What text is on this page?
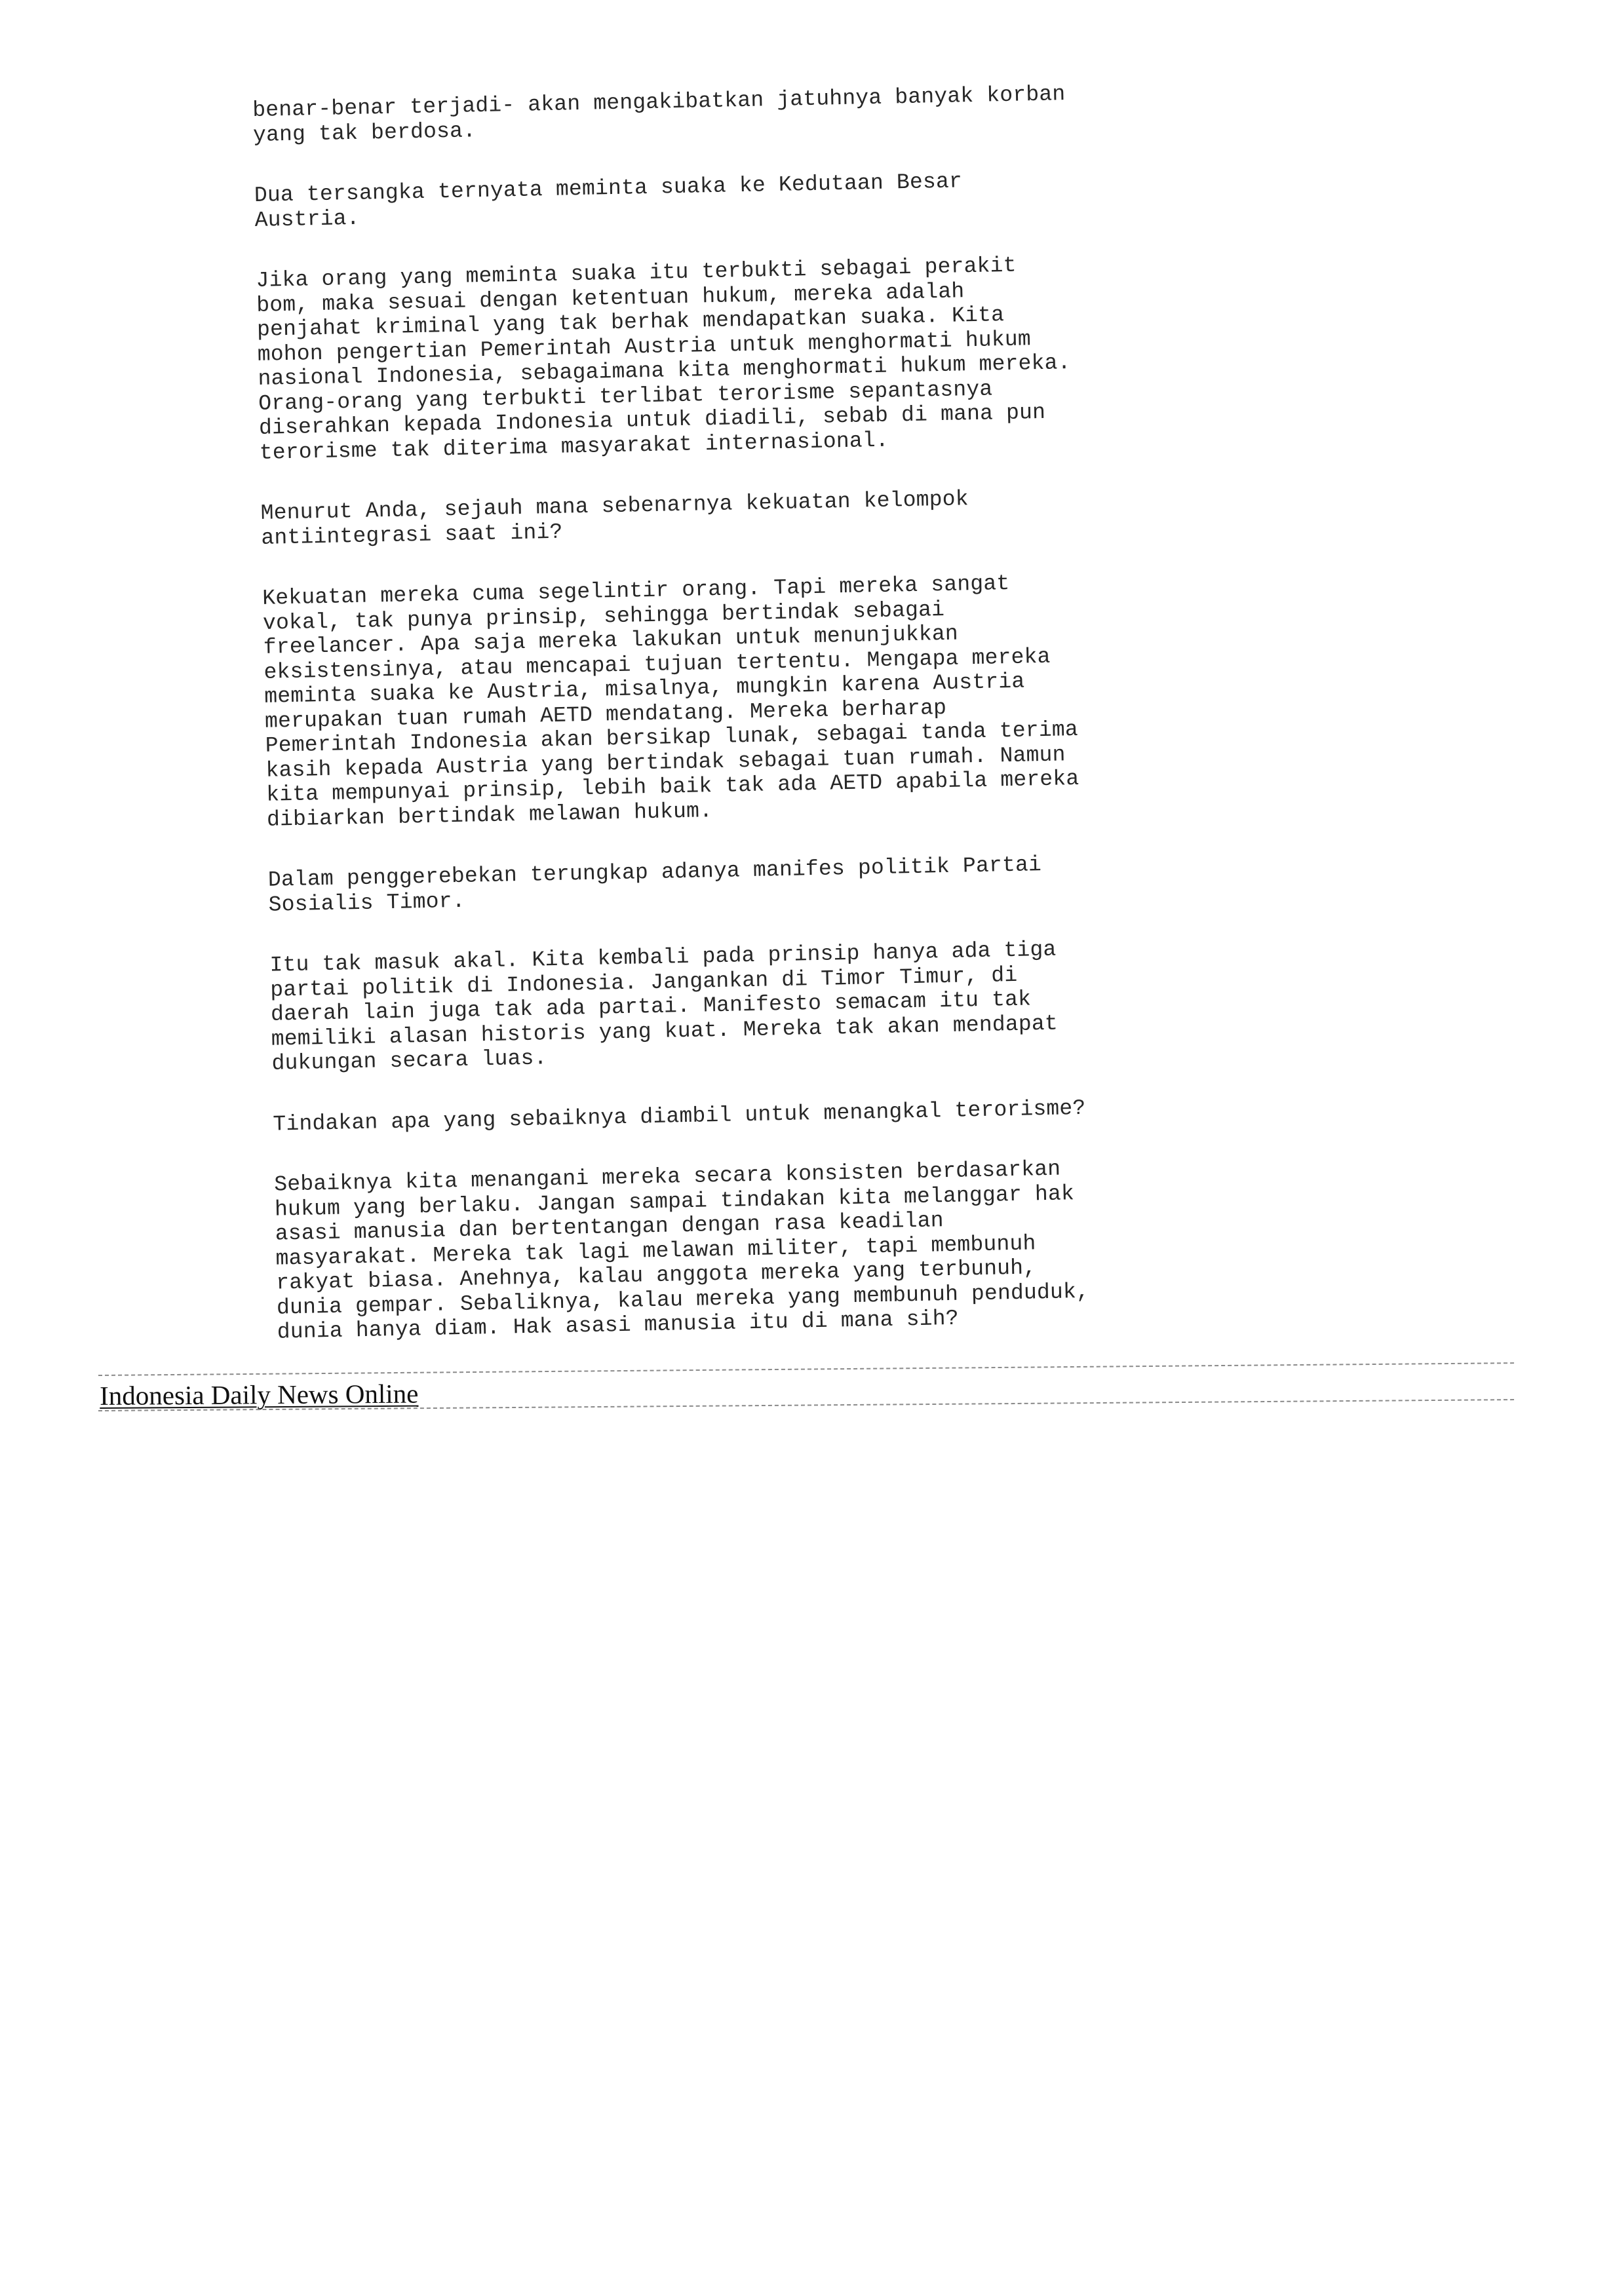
benar-benar terjadi- akan mengakibatkan jatuhnya banyak korban
yang tak berdosa.

Dua tersangka ternyata meminta suaka ke Kedutaan Besar
Austria.

Jika orang yang meminta suaka itu terbukti sebagai perakit
bom, maka sesuai dengan ketentuan hukum, mereka adalah
penjahat kriminal yang tak berhak mendapatkan suaka. Kita
mohon pengertian Pemerintah Austria untuk menghormati hukum
nasional Indonesia, sebagaimana kita menghormati hukum mereka.
Orang-orang yang terbukti terlibat terorisme sepantasnya
diserahkan kepada Indonesia untuk diadili, sebab di mana pun
terorisme tak diterima masyarakat internasional.

Menurut Anda, sejauh mana sebenarnya kekuatan kelompok
antiintegrasi saat ini?

Kekuatan mereka cuma segelintir orang. Tapi mereka sangat
vokal, tak punya prinsip, sehingga bertindak sebagai
freelancer. Apa saja mereka lakukan untuk menunjukkan
eksistensinya, atau mencapai tujuan tertentu. Mengapa mereka
meminta suaka ke Austria, misalnya, mungkin karena Austria
merupakan tuan rumah AETD mendatang. Mereka berharap
Pemerintah Indonesia akan bersikap lunak, sebagai tanda terima
kasih kepada Austria yang bertindak sebagai tuan rumah. Namun
kita mempunyai prinsip, lebih baik tak ada AETD apabila mereka
dibiarkan bertindak melawan hukum.

Dalam penggerebekan terungkap adanya manifes politik Partai
Sosialis Timor.

Itu tak masuk akal. Kita kembali pada prinsip hanya ada tiga
partai politik di Indonesia. Jangankan di Timor Timur, di
daerah lain juga tak ada partai. Manifesto semacam itu tak
memiliki alasan historis yang kuat. Mereka tak akan mendapat
dukungan secara luas.

Tindakan apa yang sebaiknya diambil untuk menangkal terorisme?

Sebaiknya kita menangani mereka secara konsisten berdasarkan
hukum yang berlaku. Jangan sampai tindakan kita melanggar hak
asasi manusia dan bertentangan dengan rasa keadilan
masyarakat. Mereka tak lagi melawan militer, tapi membunuh
rakyat biasa. Anehnya, kalau anggota mereka yang terbunuh,
dunia gempar. Sebaliknya, kalau mereka yang membunuh penduduk,
dunia hanya diam. Hak asasi manusia itu di mana sih?

Indonesia Daily News Online
